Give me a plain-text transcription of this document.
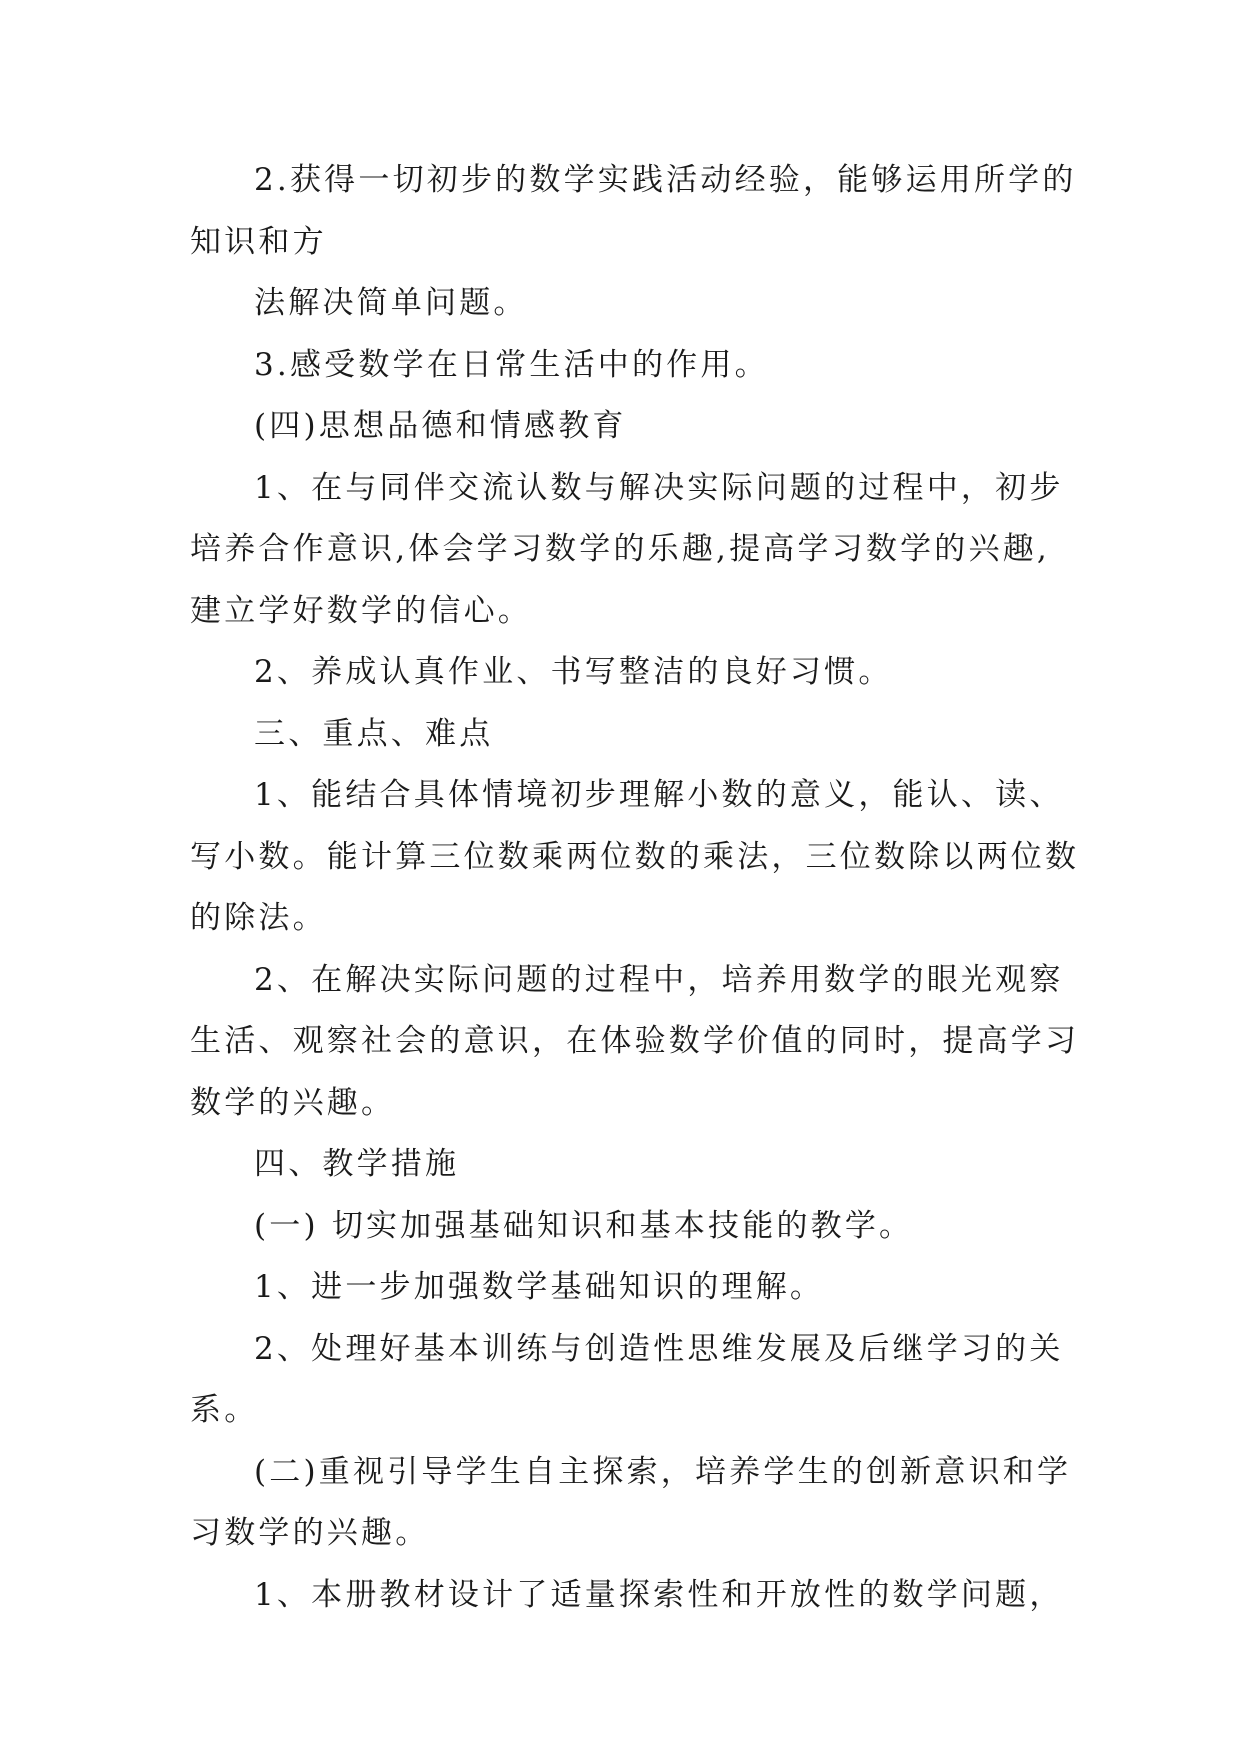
2.获得一切初步的数学实践活动经验，能够运用所学的
知识和方
法解决简单问题。
3.感受数学在日常生活中的作用。
(四)思想品德和情感教育
1、在与同伴交流认数与解决实际问题的过程中，初步
培养合作意识,体会学习数学的乐趣,提高学习数学的兴趣,
建立学好数学的信心。
2、养成认真作业、书写整洁的良好习惯。
三、重点、难点
1、能结合具体情境初步理解小数的意义，能认、读、
写小数。能计算三位数乘两位数的乘法，三位数除以两位数
的除法。
2、在解决实际问题的过程中，培养用数学的眼光观察
生活、观察社会的意识，在体验数学价值的同时，提高学习
数学的兴趣。
四、教学措施
(一) 切实加强基础知识和基本技能的教学。
1、进一步加强数学基础知识的理解。
2、处理好基本训练与创造性思维发展及后继学习的关
系。
(二)重视引导学生自主探索，培养学生的创新意识和学
习数学的兴趣。
1、本册教材设计了适量探索性和开放性的数学问题，
